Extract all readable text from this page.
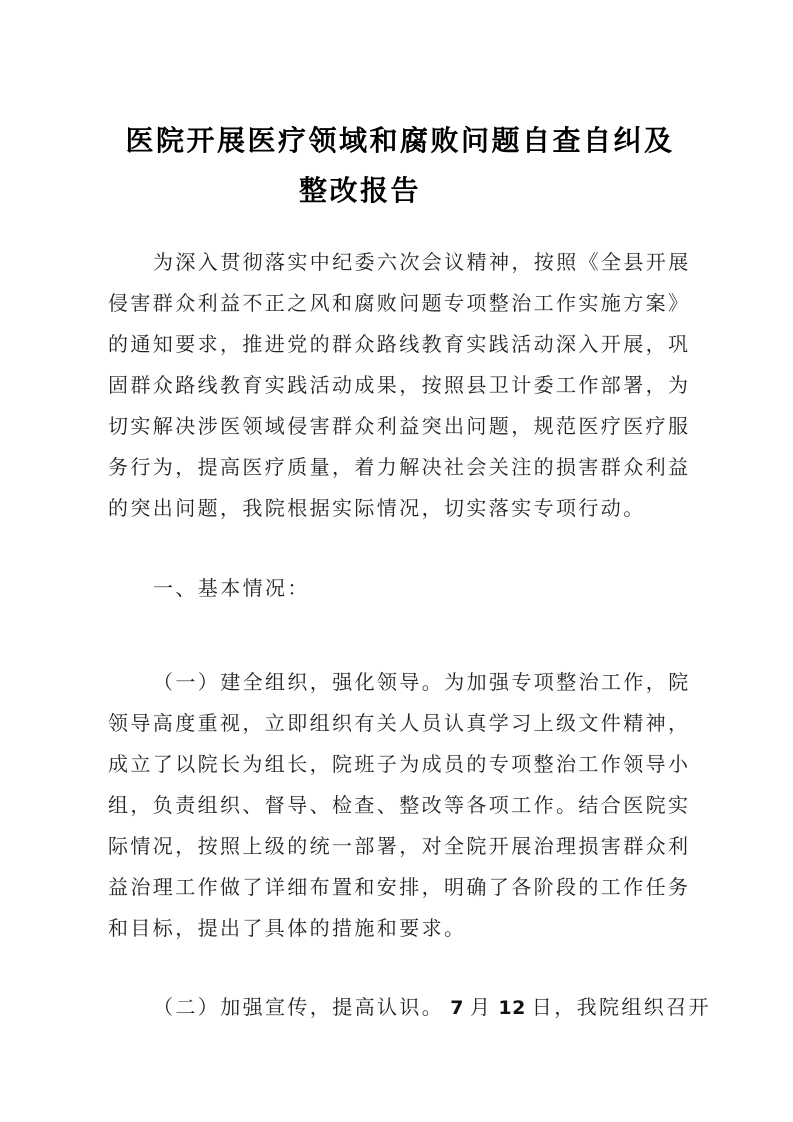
医院开展医疗领域和腐败问题自查自纠及
整改报告
为深入贯彻落实中纪委六次会议精神，按照《全县开展
侵害群众利益不正之风和腐败问题专项整治工作实施方案》
的通知要求，推进党的群众路线教育实践活动深入开展，巩
固群众路线教育实践活动成果，按照县卫计委工作部署，为
切实解决涉医领域侵害群众利益突出问题，规范医疗医疗服
务行为，提高医疗质量，着力解决社会关注的损害群众利益
的突出问题，我院根据实际情况，切实落实专项行动。
一、基本情况：
（一）建全组织，强化领导。为加强专项整治工作，院
领导高度重视，立即组织有关人员认真学习上级文件精神，
成立了以院长为组长，院班子为成员的专项整治工作领导小
组，负责组织、督导、检查、整改等各项工作。结合医院实
际情况，按照上级的统一部署，对全院开展治理损害群众利
益治理工作做了详细布置和安排，明确了各阶段的工作任务
和目标，提出了具体的措施和要求。
（二）加强宣传，提高认识。 7 月 12 日，我院组织召开
